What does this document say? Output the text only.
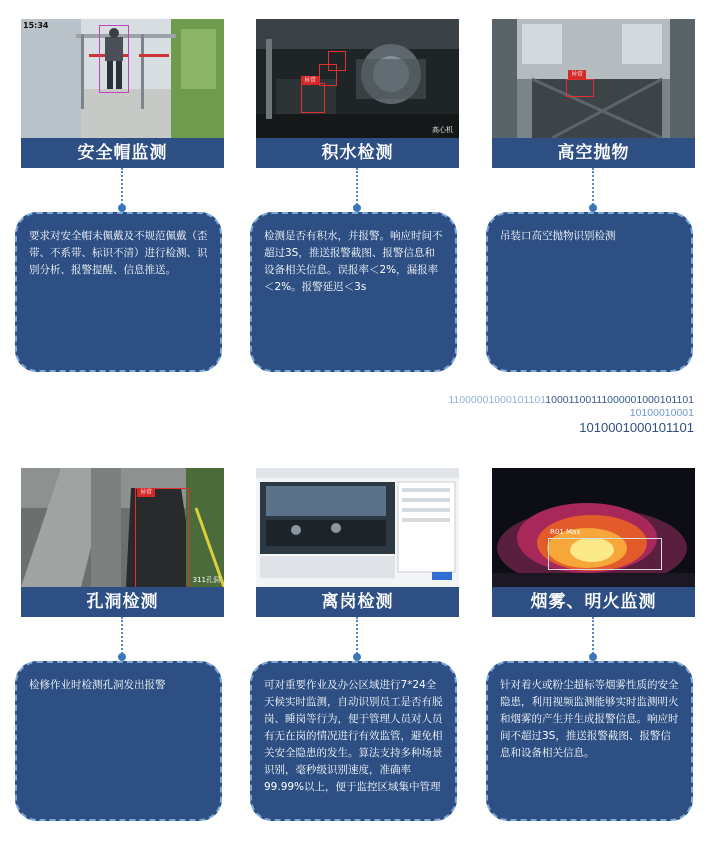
15:34
安全帽监测
要求对安全帽未佩戴及不规范佩戴（歪带、不系带、标识不清）进行检测、识别分析、报警提醒、信息推送。
异常
高心机
积水检测
检测是否有积水，并报警。响应时间不超过3S，推送报警截图、报警信息和设备相关信息。误报率＜2%，漏报率＜2%。报警延迟＜3s
异常
高空抛物
吊装口高空抛物识别检测
1100000100010110110001100111000001000101101
10100010001
1010001000101101
异常
311孔洞
孔洞检测
检修作业时检测孔洞发出报警
离岗检测
可对重要作业及办公区域进行7*24全天候实时监测，自动识别员工是否有脱岗、睡岗等行为，便于管理人员对人员有无在岗的情况进行有效监管，避免相关安全隐患的发生。算法支持多种场景识别，毫秒级识别速度，准确率99.99%以上，便于监控区域集中管理
R01 Max
烟雾、明火监测
针对着火或粉尘超标等烟雾性质的安全隐患，利用视频监测能够实时监测明火和烟雾的产生并生成报警信息。响应时间不超过3S，推送报警截图、报警信息和设备相关信息。
